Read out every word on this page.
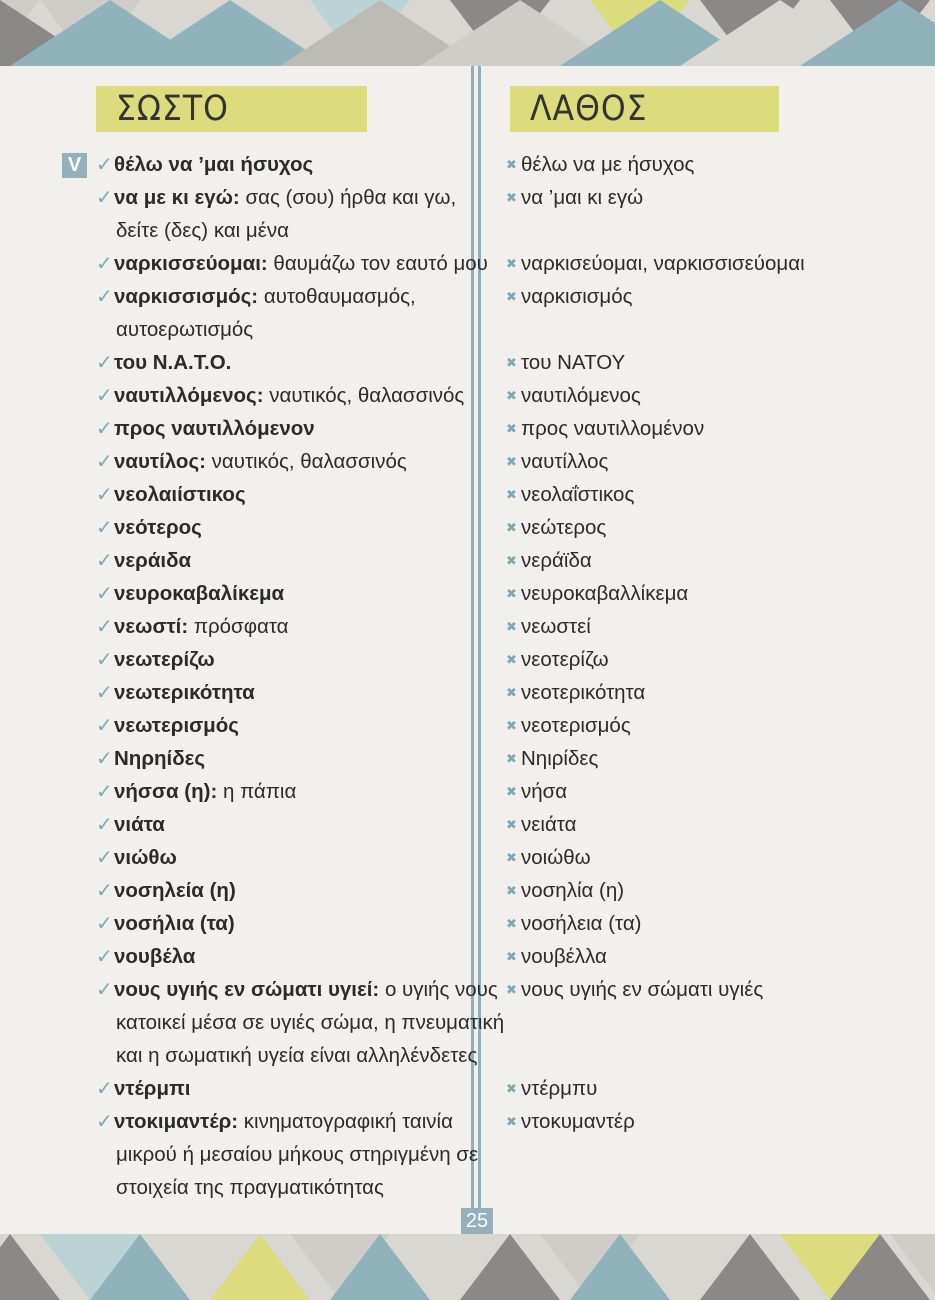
ΣΩΣΤΟ	ΛΑΘΟΣ
V ✓θέλω να ’μαι ήσυχος	✖ θέλω να με ήσυχος
✓να με κι εγώ: σας (σου) ήρθα και γω,	✖ να ’μαι κι εγώ
δείτε (δες) και μένα
✓ναρκισσεύομαι: θαυμάζω τον εαυτό μου ✖ ναρκισεύομαι, ναρκισσισεύομαι
✓ναρκισσισμός: αυτοθαυμασμός,	✖ ναρκισισμός
αυτοερωτισμός
✓του Ν.Α.Τ.Ο.	✖ του ΝΑΤΟΥ
✓ναυτιλλόμενος: ναυτικός, θαλασσινός	✖ ναυτιλόμενος
✓προς ναυτιλλόμενον	✖ προς ναυτιλλομένον
✓ναυτίλος: ναυτικός, θαλασσινός	✖ ναυτίλλος
✓νεολαιίστικος	✖ νεολαΐστικος
✓νεότερος	✖ νεώτερος
✓νεράιδα	✖ νεράϊδα
✓νευροκαβαλίκεμα	✖ νευροκαβαλλίκεμα
✓νεωστί: πρόσφατα	✖ νεωστεί
✓νεωτερίζω	✖ νεοτερίζω
✓νεωτερικότητα	✖ νεοτερικότητα
✓νεωτερισμός	✖ νεοτερισμός
✓Νηρηίδες	✖ Νηιρίδες
✓νήσσα (η): η πάπια	✖ νήσα
✓νιάτα	✖ νειάτα
✓νιώθω	✖ νοιώθω
✓νοσηλεία (η)	✖ νοσηλία (η)
✓νοσήλια (τα)	✖ νοσήλεια (τα)
✓νουβέλα	✖ νουβέλλα
✓νους υγιής εν σώματι υγιεί: ο υγιής νους ✖ νους υγιής εν σώματι υγιές
κατοικεί μέσα σε υγιές σώμα, η πνευματική
και η σωματική υγεία είναι αλληλένδετες
✓ντέρμπι	✖ ντέρμπυ
✓ντοκιμαντέρ: κινηματογραφική ταινία	✖ ντοκυμαντέρ
μικρού ή μεσαίου μήκους στηριγμένη σε
στοιχεία της πραγματικότητας
25
